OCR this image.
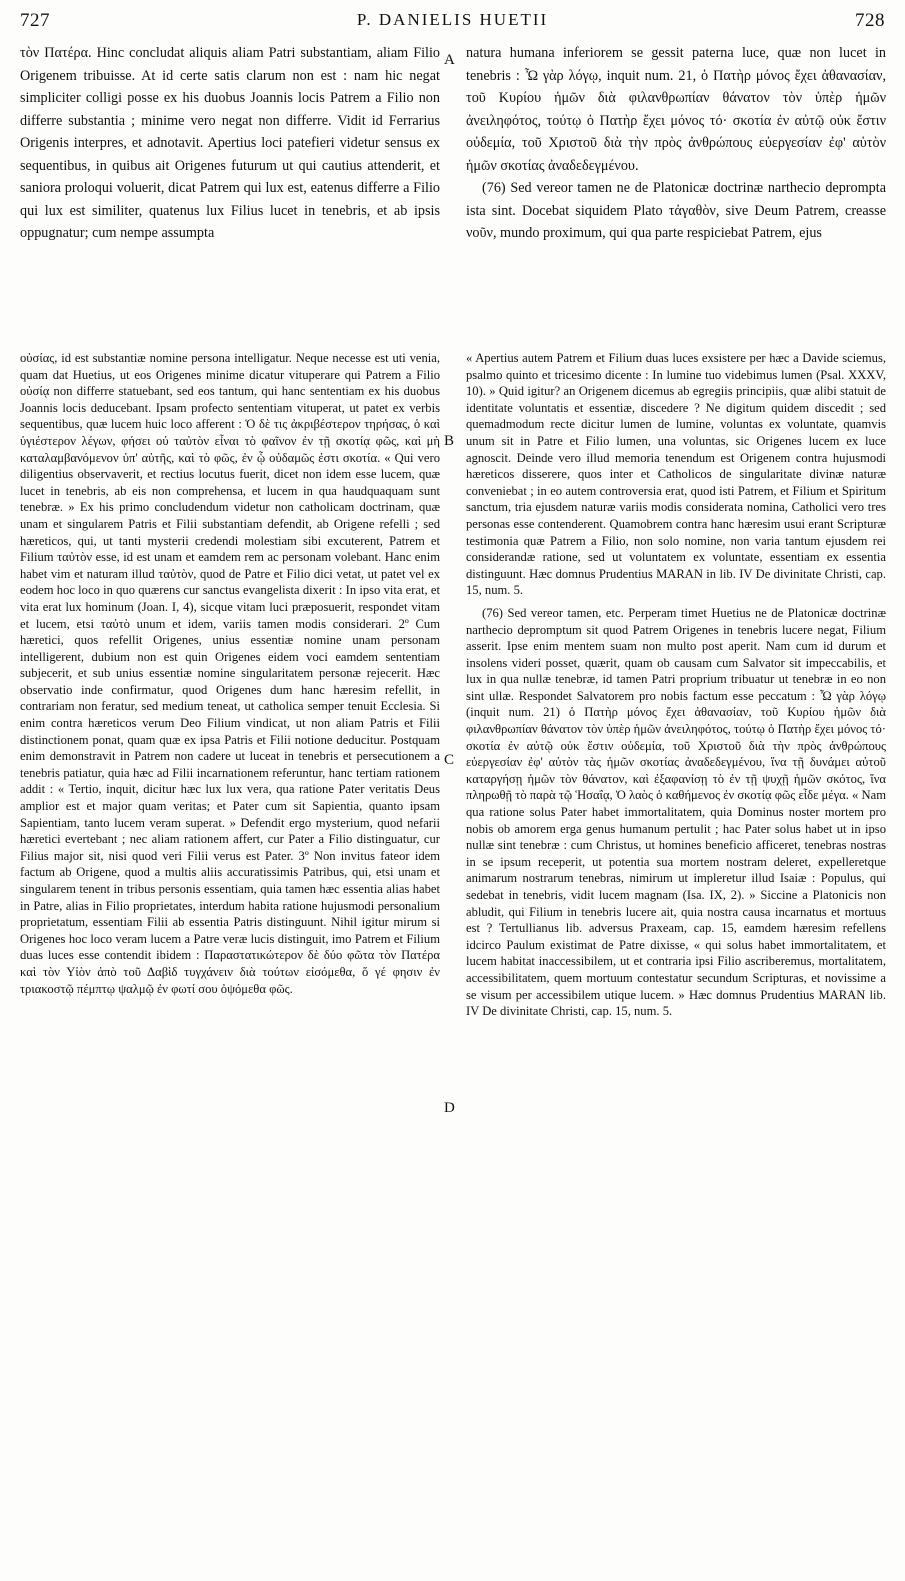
727	P. DANIELIS HUETII	728

τὸν Πατέρα. Hinc concludat aliquis aliam Patri substantiam, aliam Filio Origenem tribuisse. At id certe satis clarum non est : nam hic negat simpliciter colligi posse ex his duobus Joannis locis Patrem a Filio non differre substantia ; minime vero negat non differre. Vidit id Ferrarius Origenis interpres, et adnotavit. Apertius loci patefieri videtur sensus ex sequentibus, in quibus ait Origenes futurum ut qui cautius attenderit, et saniora proloqui voluerit, dicat Patrem qui lux est, eatenus differre a Filio qui lux est similiter, quatenus lux Filius lucet in tenebris, et ab ipsis oppugnatur; cum nempe assumpta

natura humana inferiorem se gessit paterna luce, quæ non lucet in tenebris : Ὦ γὰρ λόγῳ, inquit num. 21, ὁ Πατὴρ μόνος ἔχει ἀθανασίαν, τοῦ Κυρίου ἡμῶν διὰ φιλανθρωπίαν θάνατον τὸν ὑπὲρ ἡμῶν ἀνειληφότος, τούτῳ ὁ Πατὴρ ἔχει μόνος τό· σκοτία ἐν αὐτῷ οὐκ ἔστιν οὐδεμία, τοῦ Χριστοῦ διὰ τὴν πρὸς ἀνθρώπους εὐεργεσίαν ἐφ' αὑτὸν ἡμῶν σκοτίας ἀναδεδεγμένου.

(76) Sed vereor tamen ne de Platonicæ doctrinæ narthecio deprompta ista sint. Docebat siquidem Plato τἀγαθὸν, sive Deum Patrem, creasse νοῦν, mundo proximum, qui qua parte respiciebat Patrem, ejus

οὐσίας, id est substantiæ nomine persona intelligatur. Neque necesse est uti venia, quam dat Huetius, ut eos Origenes minime dicatur vituperare qui Patrem a Filio οὐσίᾳ non differre statuebant, sed eos tantum, qui hanc sententiam ex his duobus Joannis locis deducebant. Ipsam profecto sententiam vituperat, ut patet ex verbis sequentibus, quæ lucem huic loco afferent : Ὁ δὲ τις ἀκριβέστερον τηρήσας, ὁ καὶ ὑγιέστερον λέγων, φήσει οὐ ταὐτὸν εἶναι τὸ φαῖνον ἐν τῇ σκοτίᾳ φῶς, καὶ μὴ καταλαμβανόμενον ὑπ' αὐτῆς, καὶ τὸ φῶς, ἐν ᾧ οὐδαμῶς ἐστι σκοτία. « Qui vero diligentius observaverit, et rectius locutus fuerit, dicet non idem esse lucem, quæ lucet in tenebris, ab eis non comprehensa, et lucem in qua haudquaquam sunt tenebræ. » Ex his primo concludendum videtur non catholicam doctrinam, quæ unam et singularem Patris et Filii substantiam defendit, ab Origene refelli ; sed hæreticos, qui, ut tanti mysterii credendi molestiam sibi excuterent, Patrem et Filium ταὐτὸν esse, id est unam et eamdem rem ac personam volebant. Hanc enim habet vim et naturam illud ταὐτὸν, quod de Patre et Filio dici vetat, ut patet vel ex eodem hoc loco in quo quærens cur sanctus evangelista dixerit : In ipso vita erat, et vita erat lux hominum (Joan. I, 4), sicque vitam luci præposuerit, respondet vitam et lucem, etsi ταὐτὸ unum et idem, variis tamen modis considerari. 2º Cum hæretici, quos refellit Origenes, unius essentiæ nomine unam personam intelligerent, dubium non est quin Origenes eidem voci eamdem sententiam subjecerit, et sub unius essentiæ nomine singularitatem personæ rejecerit. Hæc observatio inde confirmatur, quod Origenes dum hanc hæresim refellit, in contrariam non feratur, sed medium teneat, ut catholica semper tenuit Ecclesia. Si enim contra hæreticos verum Deo Filium vindicat, ut non aliam Patris et Filii distinctionem ponat, quam quæ ex ipsa Patris et Filii notione deducitur. Postquam enim demonstravit in Patrem non cadere ut luceat in tenebris et persecutionem a tenebris patiatur, quia hæc ad Filii incarnationem referuntur, hanc tertiam rationem addit : « Tertio, inquit, dicitur hæc lux lux vera, qua ratione Pater veritatis Deus amplior est et major quam veritas; et Pater cum sit Sapientia, quanto ipsam Sapientiam, tanto lucem veram superat. » Defendit ergo mysterium, quod nefarii hæretici evertebant ; nec aliam rationem affert, cur Pater a Filio distinguatur, cur Filius major sit, nisi quod veri Filii verus est Pater. 3º Non invitus fateor idem factum ab Origene, quod a multis aliis accuratissimis Patribus, qui, etsi unam et singularem tenent in tribus personis essentiam, quia tamen hæc essentia alias habet in Patre, alias in Filio proprietates, interdum habita ratione hujusmodi personalium proprietatum, essentiam Filii ab essentia Patris distinguunt. Nihil igitur mirum si Origenes hoc loco veram lucem a Patre veræ lucis distinguit, imo Patrem et Filium duas luces esse contendit ibidem : Παραστατικώτερον δὲ δύο φῶτα τὸν Πατέρα καὶ τὸν Υἱὸν ἀπὸ τοῦ Δαβὶδ τυγχάνειν διὰ τούτων εἰσόμεθα, ὅ γέ φησιν ἐν τριακοστῷ πέμπτῳ ψαλμῷ ἐν φωτί σου ὀψόμεθα φῶς.

« Apertius autem Patrem et Filium duas luces exsistere per hæc a Davide sciemus, psalmo quinto et tricesimo dicente : In lumine tuo videbimus lumen (Psal. XXXV, 10). » Quid igitur? an Origenem dicemus ab egregiis principiis, quæ alibi statuit de identitate voluntatis et essentiæ, discedere ? Ne digitum quidem discedit ; sed quemadmodum recte dicitur lumen de lumine, voluntas ex voluntate, quamvis unum sit in Patre et Filio lumen, una voluntas, sic Origenes lucem ex luce agnoscit. Deinde vero illud memoria tenendum est Origenem contra hujusmodi hæreticos disserere, quos inter et Catholicos de singularitate divinæ naturæ conveniebat ; in eo autem controversia erat, quod isti Patrem, et Filium et Spiritum sanctum, tria ejusdem naturæ variis modis considerata nomina, Catholici vero tres personas esse contenderent. Quamobrem contra hanc hæresim usui erant Scripturæ testimonia quæ Patrem a Filio, non solo nomine, non varia tantum ejusdem rei considerandæ ratione, sed ut voluntatem ex voluntate, essentiam ex essentia distinguunt. Hæc domnus Prudentius MARAN in lib. IV De divinitate Christi, cap. 15, num. 5.

(76) Sed vereor tamen, etc. Perperam timet Huetius ne de Platonicæ doctrinæ narthecio depromptum sit quod Patrem Origenes in tenebris lucere negat, Filium asserit. Ipse enim mentem suam non multo post aperit. Nam cum id durum et insolens videri posset, quærit, quam ob causam cum Salvator sit impeccabilis, et lux in qua nullæ tenebræ, id tamen Patri proprium tribuatur ut tenebræ in eo non sint ullæ. Respondet Salvatorem pro nobis factum esse peccatum : Ὦ γὰρ λόγῳ (inquit num. 21) ὁ Πατὴρ μόνος ἔχει ἀθανασίαν, τοῦ Κυρίου ἡμῶν διὰ φιλανθρωπίαν θάνατον τὸν ὑπὲρ ἡμῶν ἀνειληφότος, τούτῳ ὁ Πατὴρ ἔχει μόνος τό· σκοτία ἐν αὐτῷ οὐκ ἔστιν οὐδεμία, τοῦ Χριστοῦ διὰ τὴν πρὸς ἀνθρώπους εὐεργεσίαν ἐφ' αὑτὸν τὰς ἡμῶν σκοτίας ἀναδεδεγμένου, ἵνα τῇ δυνάμει αὐτοῦ καταργήσῃ ἡμῶν τὸν θάνατον, καὶ ἐξαφανίσῃ τὸ ἐν τῇ ψυχῇ ἡμῶν σκότος, ἵνα πληρωθῇ τὸ παρὰ τῷ Ἡσαΐᾳ, Ὁ λαὸς ὁ καθήμενος ἐν σκοτίᾳ φῶς εἶδε μέγα. « Nam qua ratione solus Pater habet immortalitatem, quia Dominus noster mortem pro nobis ob amorem erga genus humanum pertulit ; hac Pater solus habet ut in ipso nullæ sint tenebræ : cum Christus, ut homines beneficio afficeret, tenebras nostras in se ipsum receperit, ut potentia sua mortem nostram deleret, expelleretque animarum nostrarum tenebras, nimirum ut impleretur illud Isaiæ : Populus, qui sedebat in tenebris, vidit lucem magnam (Isa. IX, 2). » Siccine a Platonicis non abludit, qui Filium in tenebris lucere ait, quia nostra causa incarnatus et mortuus est ? Tertullianus lib. adversus Praxeam, cap. 15, eamdem hæresim refellens idcirco Paulum existimat de Patre dixisse, « qui solus habet immortalitatem, et lucem habitat inaccessibilem, ut et contraria ipsi Filio ascriberemus, mortalitatem, accessibilitatem, quem mortuum contestatur secundum Scripturas, et novissime a se visum per accessibilem utique lucem. » Hæc domnus Prudentius MARAN lib. IV De divinitate Christi, cap. 15, num. 5.

A
B
C
D
